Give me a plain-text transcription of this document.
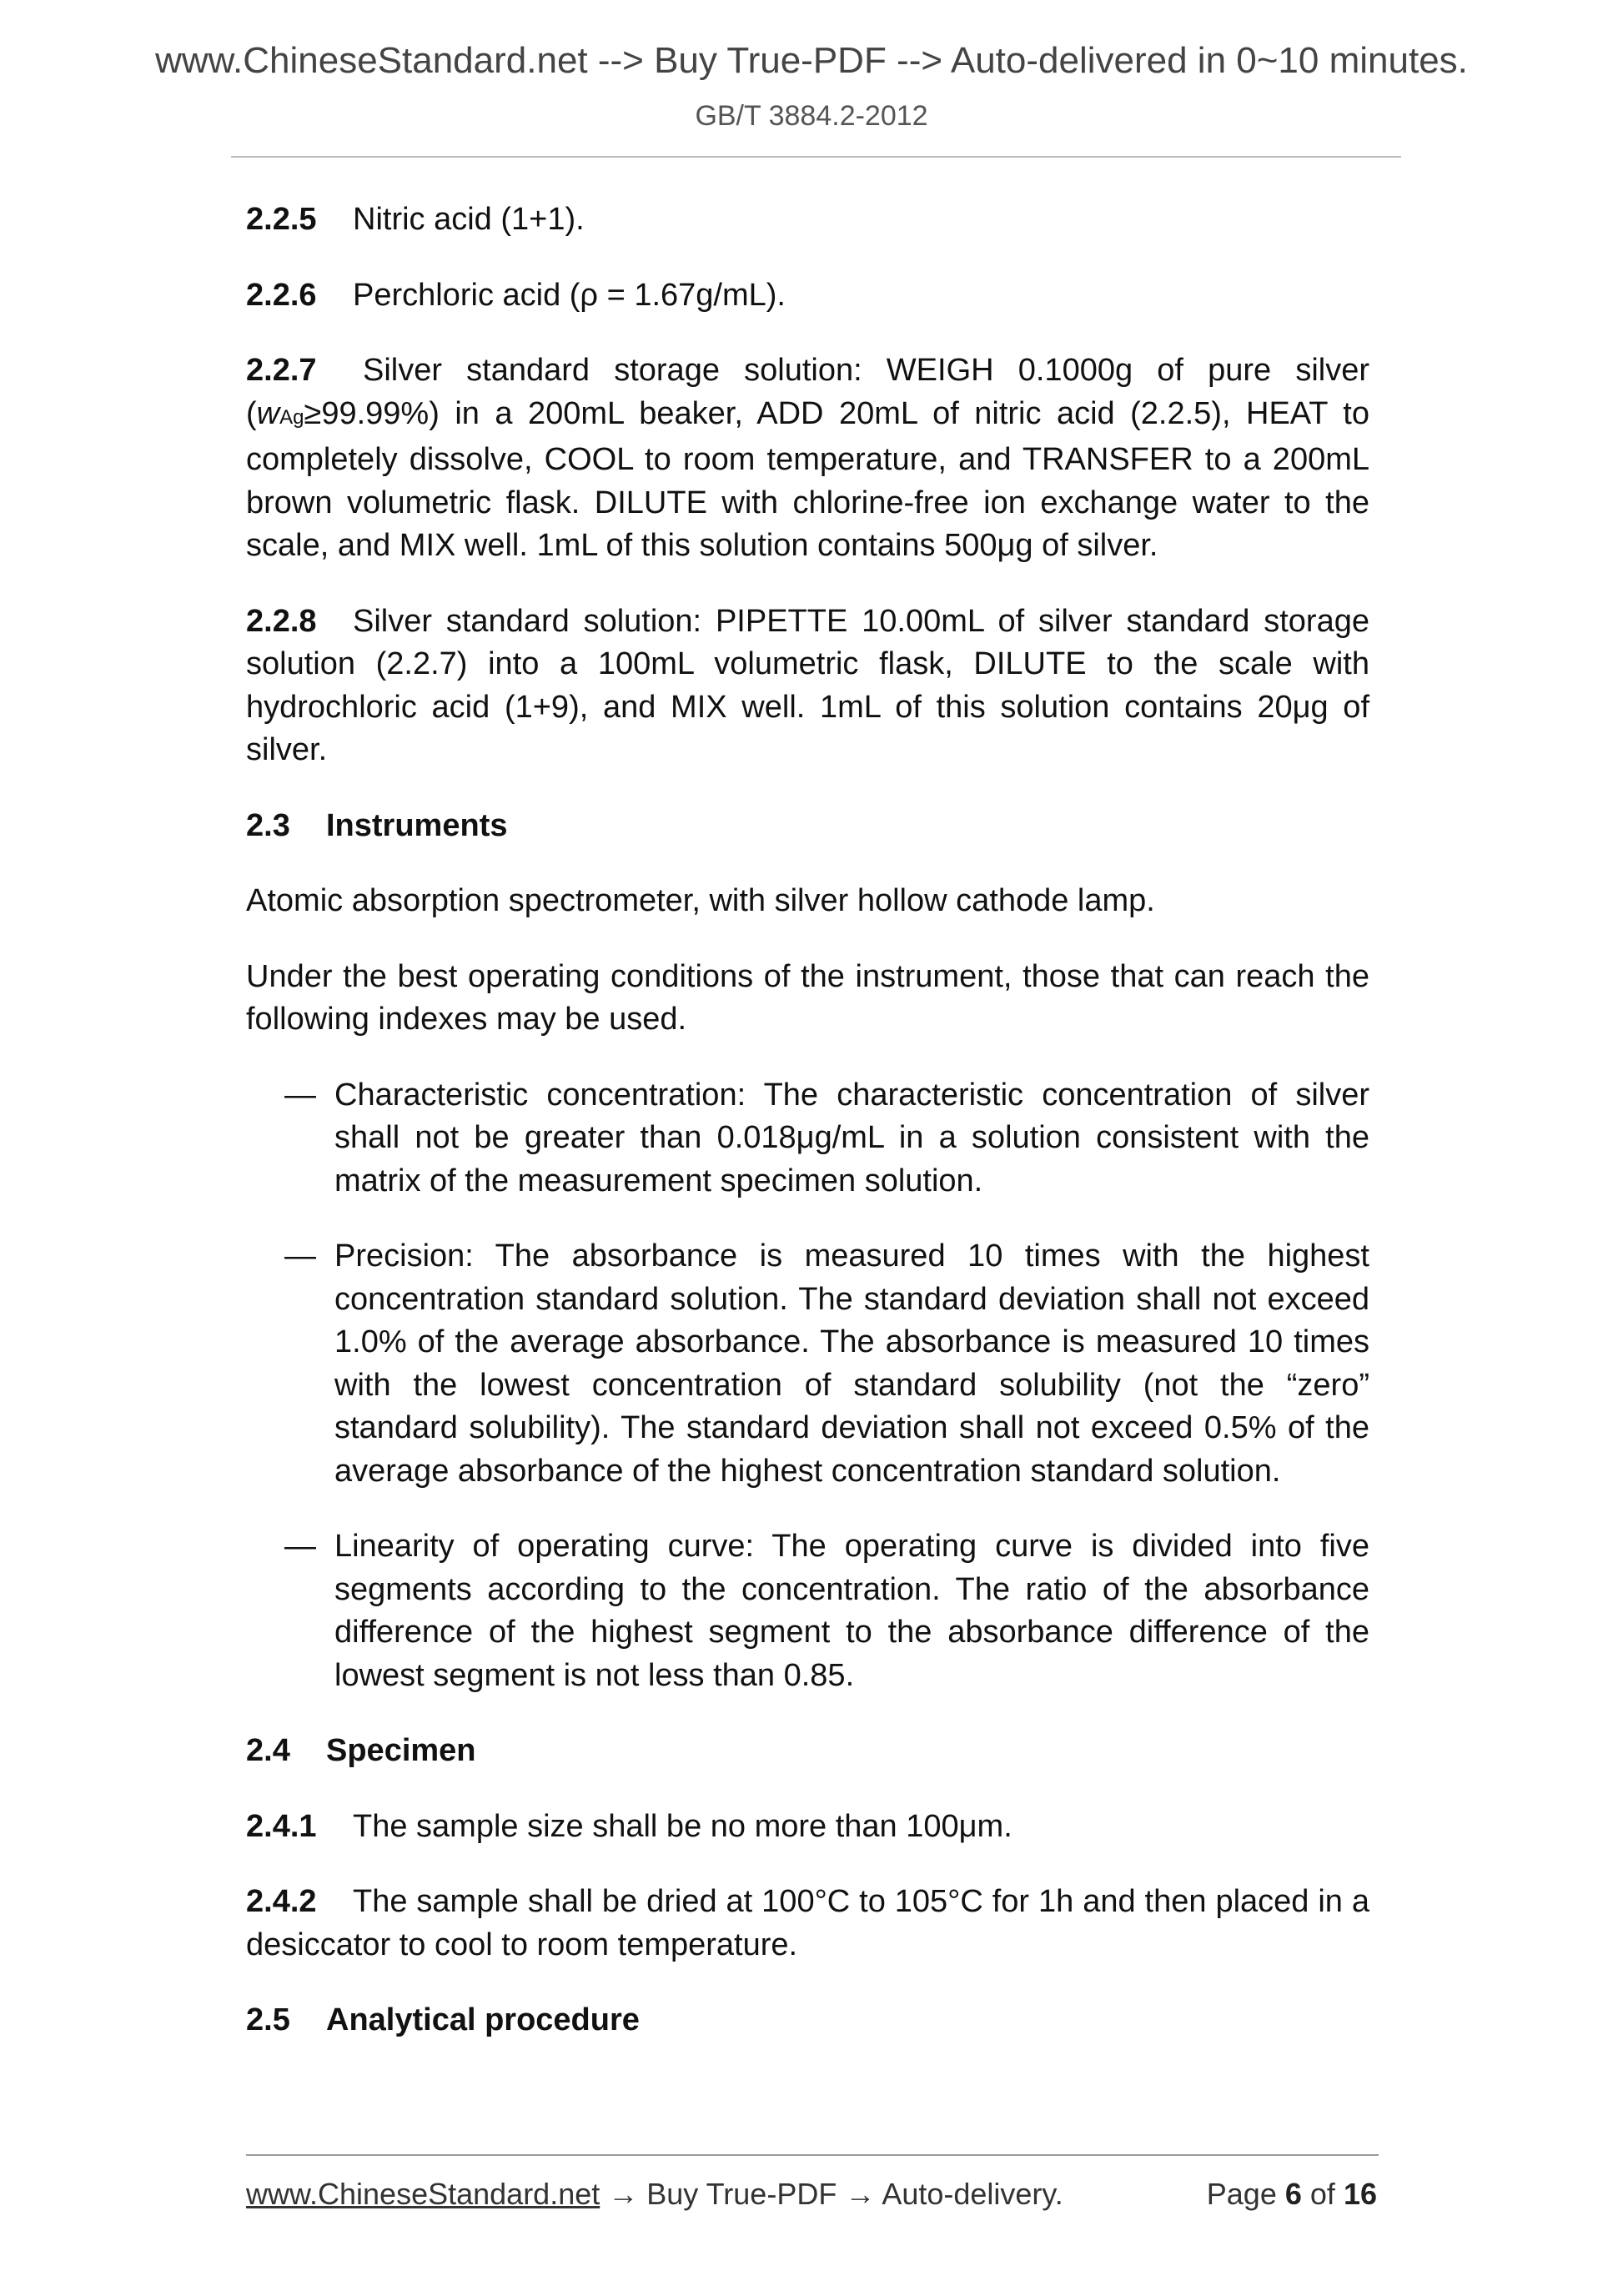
www.ChineseStandard.net --> Buy True-PDF --> Auto-delivered in 0~10 minutes.
GB/T 3884.2-2012

2.2.5 Nitric acid (1+1).

2.2.6 Perchloric acid (ρ = 1.67g/mL).

2.2.7 Silver standard storage solution: WEIGH 0.1000g of pure silver (wAg≥99.99%) in a 200mL beaker, ADD 20mL of nitric acid (2.2.5), HEAT to completely dissolve, COOL to room temperature, and TRANSFER to a 200mL brown volumetric flask. DILUTE with chlorine-free ion exchange water to the scale, and MIX well. 1mL of this solution contains 500μg of silver.

2.2.8 Silver standard solution: PIPETTE 10.00mL of silver standard storage solution (2.2.7) into a 100mL volumetric flask, DILUTE to the scale with hydrochloric acid (1+9), and MIX well. 1mL of this solution contains 20μg of silver.

2.3 Instruments

Atomic absorption spectrometer, with silver hollow cathode lamp.

Under the best operating conditions of the instrument, those that can reach the following indexes may be used.

— Characteristic concentration: The characteristic concentration of silver shall not be greater than 0.018μg/mL in a solution consistent with the matrix of the measurement specimen solution.
— Precision: The absorbance is measured 10 times with the highest concentration standard solution. The standard deviation shall not exceed 1.0% of the average absorbance. The absorbance is measured 10 times with the lowest concentration of standard solubility (not the “zero” standard solubility). The standard deviation shall not exceed 0.5% of the average absorbance of the highest concentration standard solution.
— Linearity of operating curve: The operating curve is divided into five segments according to the concentration. The ratio of the absorbance difference of the highest segment to the absorbance difference of the lowest segment is not less than 0.85.
2.4 Specimen

2.4.1 The sample size shall be no more than 100μm.

2.4.2 The sample shall be dried at 100°C to 105°C for 1h and then placed in a desiccator to cool to room temperature.

2.5 Analytical procedure
www.ChineseStandard.net → Buy True-PDF → Auto-delivery.	Page 6 of 16
